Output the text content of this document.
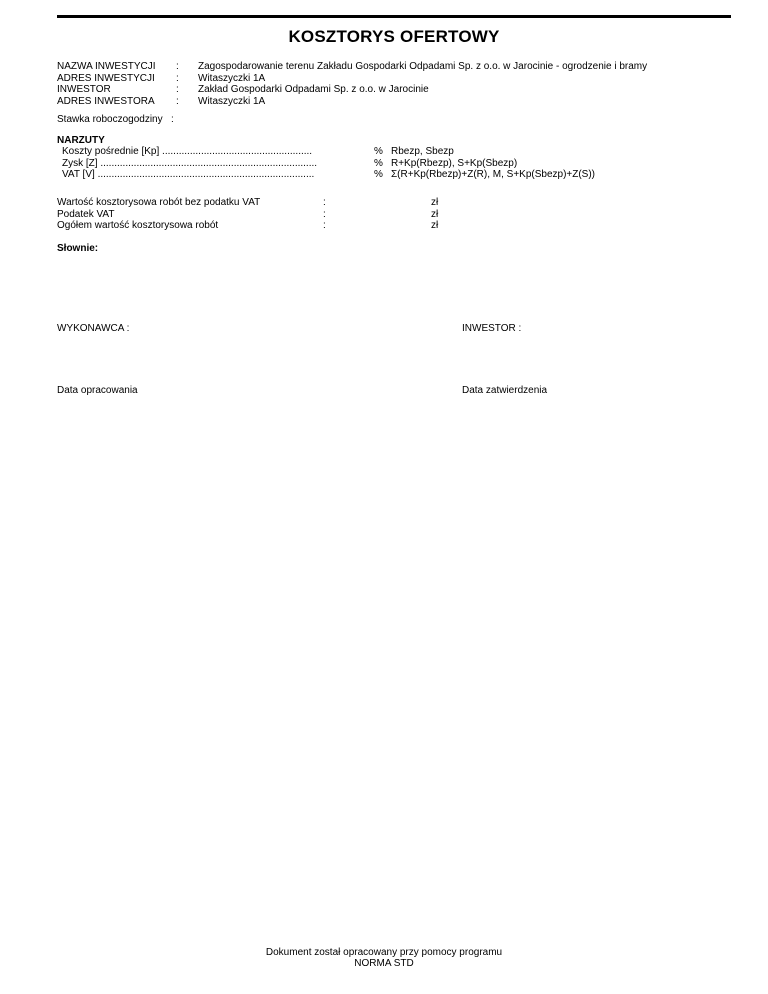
KOSZTORYS OFERTOWY
NAZWA INWESTYCJI : Zagospodarowanie terenu Zakładu Gospodarki Odpadami Sp. z o.o. w Jarocinie - ogrodzenie i bramy
ADRES INWESTYCJI : Witaszyczki 1A
INWESTOR	: Zakład Gospodarki Odpadami Sp. z o.o. w Jarocinie
ADRES INWESTORA : Witaszyczki 1A
Stawka roboczogodziny :
NARZUTY
Koszty pośrednie [Kp] ......................................................	% Rbezp, Sbezp
Zysk [Z] ..............................................................................	% R+Kp(Rbezp), S+Kp(Sbezp)
VAT [V] ..............................................................................	% Σ(R+Kp(Rbezp)+Z(R), M, S+Kp(Sbezp)+Z(S))
Wartość kosztorysowa robót bez podatku VAT	:	zł
Podatek VAT	:	zł
Ogółem wartość kosztorysowa robót	:	zł
Słownie:
WYKONAWCA :	INWESTOR :
Data opracowania	Data zatwierdzenia
Dokument został opracowany przy pomocy programu
NORMA STD
